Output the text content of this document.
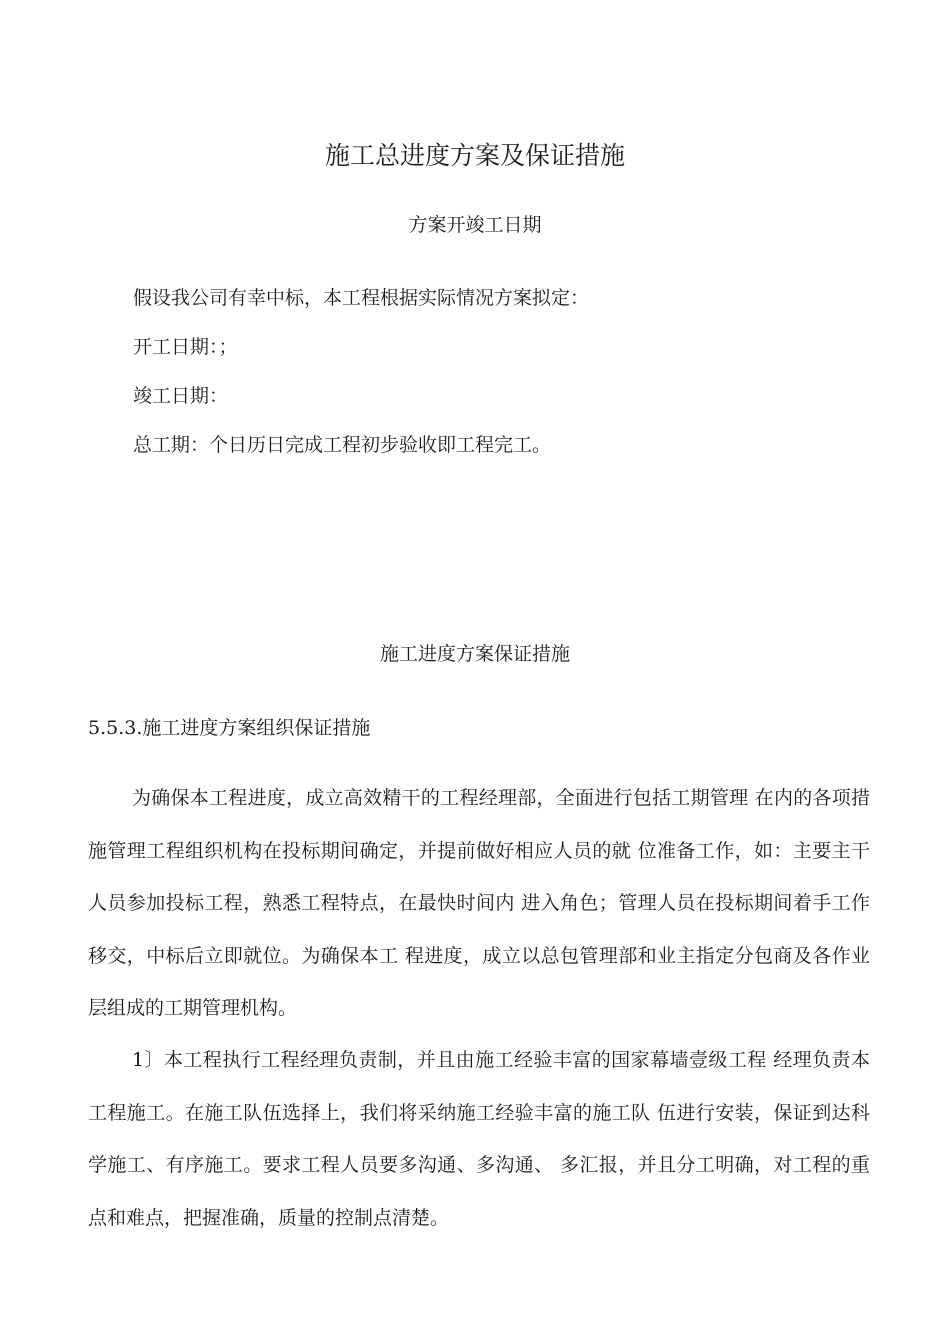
施工总进度方案及保证措施
方案开竣工日期
假设我公司有幸中标，本工程根据实际情况方案拟定：
开工日期：；
竣工日期：
总工期：个日历日完成工程初步验收即工程完工。
施工进度方案保证措施
5.5.3.施工进度方案组织保证措施
为确保本工程进度，成立高效精干的工程经理部，全面进行包括工期管理 在内的各项措施管理工程组织机构在投标期间确定，并提前做好相应人员的就 位准备工作，如：主要主干人员参加投标工程，熟悉工程特点，在最快时间内 进入角色；管理人员在投标期间着手工作移交，中标后立即就位。为确保本工 程进度，成立以总包管理部和业主指定分包商及各作业层组成的工期管理机构。
1〕本工程执行工程经理负责制，并且由施工经验丰富的国家幕墙壹级工程 经理负责本工程施工。在施工队伍选择上，我们将采纳施工经验丰富的施工队 伍进行安装，保证到达科学施工、有序施工。要求工程人员要多沟通、多沟通、 多汇报，并且分工明确，对工程的重点和难点，把握准确，质量的控制点清楚。
